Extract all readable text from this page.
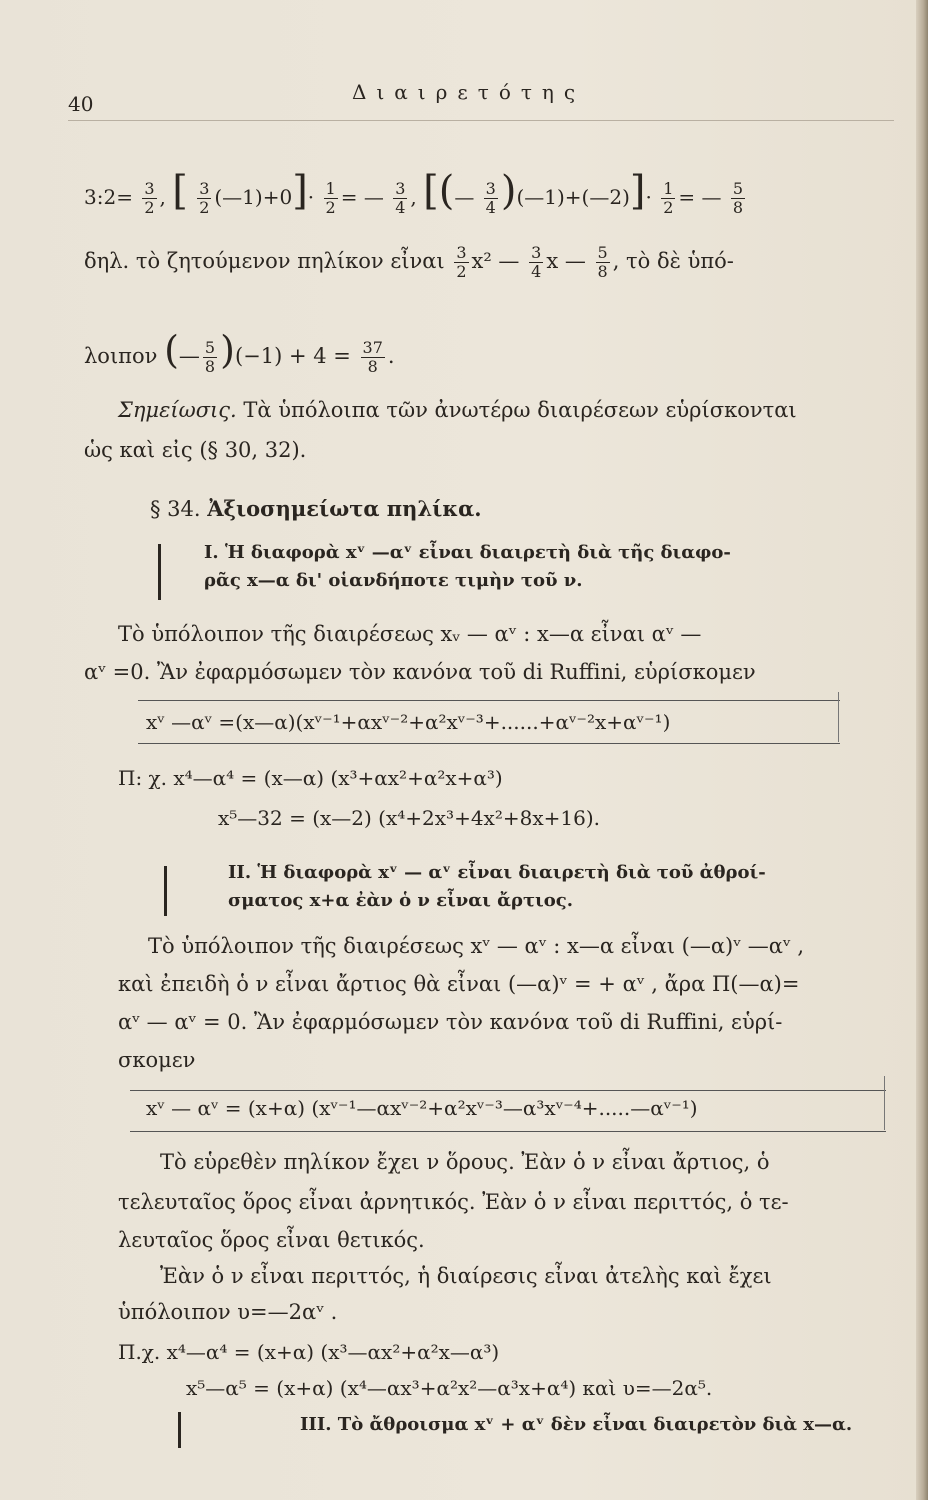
40	Διαιρετότης
3:2= $\frac{3}{2}$ , [ $\frac{3}{2}$ (—1)+0]· $\frac{1}{2}$ = — $\frac{3}{4}$ , [(— $\frac{3}{4}$ )(—1)+(—2)]· $\frac{1}{2}$ = — $\frac{5}{8}$
δηλ. τὸ ζητούμενον πηλίκον εἶναι $\frac{3}{2} x^2$ — $\frac{3}{4}$ x — $\frac{5}{8}$ , τὸ δὲ ὑπό-
λοιπον (— $\frac{5}{8} )(-1) + 4 = \frac{37}{8}$ .
Σημείωσις. Τὰ ὑπόλοιπα τῶν ἀνωτέρω διαιρέσεων εὑρίσκονται
ὡς καὶ εἰς (§ 30, 32).
§ 34. Ἀξιοσημείωτα πηλίκα.
I. Ἡ διαφορὰ xᵛ —αᵛ εἶναι διαιρετὴ διὰ τῆς διαφο-
ρᾶς x—α δι' οἱανδήποτε τιμὴν τοῦ ν.
Τὸ ὑπόλοιπον τῆς διαιρέσεως xᵥ — αᵛ : x—α εἶναι αᵛ —
αᵛ =0. Ἂν ἐφαρμόσωμεν τὸν κανόνα τοῦ di Ruffini, εὑρίσκομεν
xᵛ —αᵛ =(x—α)(xᵛ⁻¹+αxᵛ⁻²+α²xᵛ⁻³+......+αᵛ⁻²x+αᵛ⁻¹)
Π: χ. x⁴—α⁴ = (x—α) (x³+αx²+α²x+α³)
x⁵—32 = (x—2) (x⁴+2x³+4x²+8x+16).
II. Ἡ διαφορὰ xᵛ — αᵛ εἶναι διαιρετὴ διὰ τοῦ ἀθροί-
σματος x+α ἐὰν ὁ ν εἶναι ἄρτιος.
Τὸ ὑπόλοιπον τῆς διαιρέσεως xᵛ — αᵛ : x—α εἶναι (—α)ᵛ —αᵛ ,
καὶ ἐπειδὴ ὁ ν εἶναι ἄρτιος θὰ εἶναι (—α)ᵛ = + αᵛ , ἄρα Π(—α)=
αᵛ — αᵛ = 0. Ἂν ἐφαρμόσωμεν τὸν κανόνα τοῦ di Ruffini, εὑρί-
σκομεν
xᵛ — αᵛ = (x+α) (xᵛ⁻¹—αxᵛ⁻²+α²xᵛ⁻³—α³xᵛ⁻⁴+.....—αᵛ⁻¹)
Τὸ εὑρεθὲν πηλίκον ἔχει ν ὅρους. Ἐὰν ὁ ν εἶναι ἄρτιος, ὁ
τελευταῖος ὅρος εἶναι ἀρνητικός. Ἐὰν ὁ ν εἶναι περιττός, ὁ τε-
λευταῖος ὅρος εἶναι θετικός.
Ἐὰν ὁ ν εἶναι περιττός, ἡ διαίρεσις εἶναι ἀτελὴς καὶ ἔχει
ὑπόλοιπον υ=—2αᵛ .
Π.χ. x⁴—α⁴ = (x+α) (x³—αx²+α²x—α³)
x⁵—α⁵ = (x+α) (x⁴—αx³+α²x²—α³x+α⁴) καὶ υ=—2α⁵.
III. Τὸ ἄθροισμα xᵛ + αᵛ δὲν εἶναι διαιρετὸν διὰ x—α.
